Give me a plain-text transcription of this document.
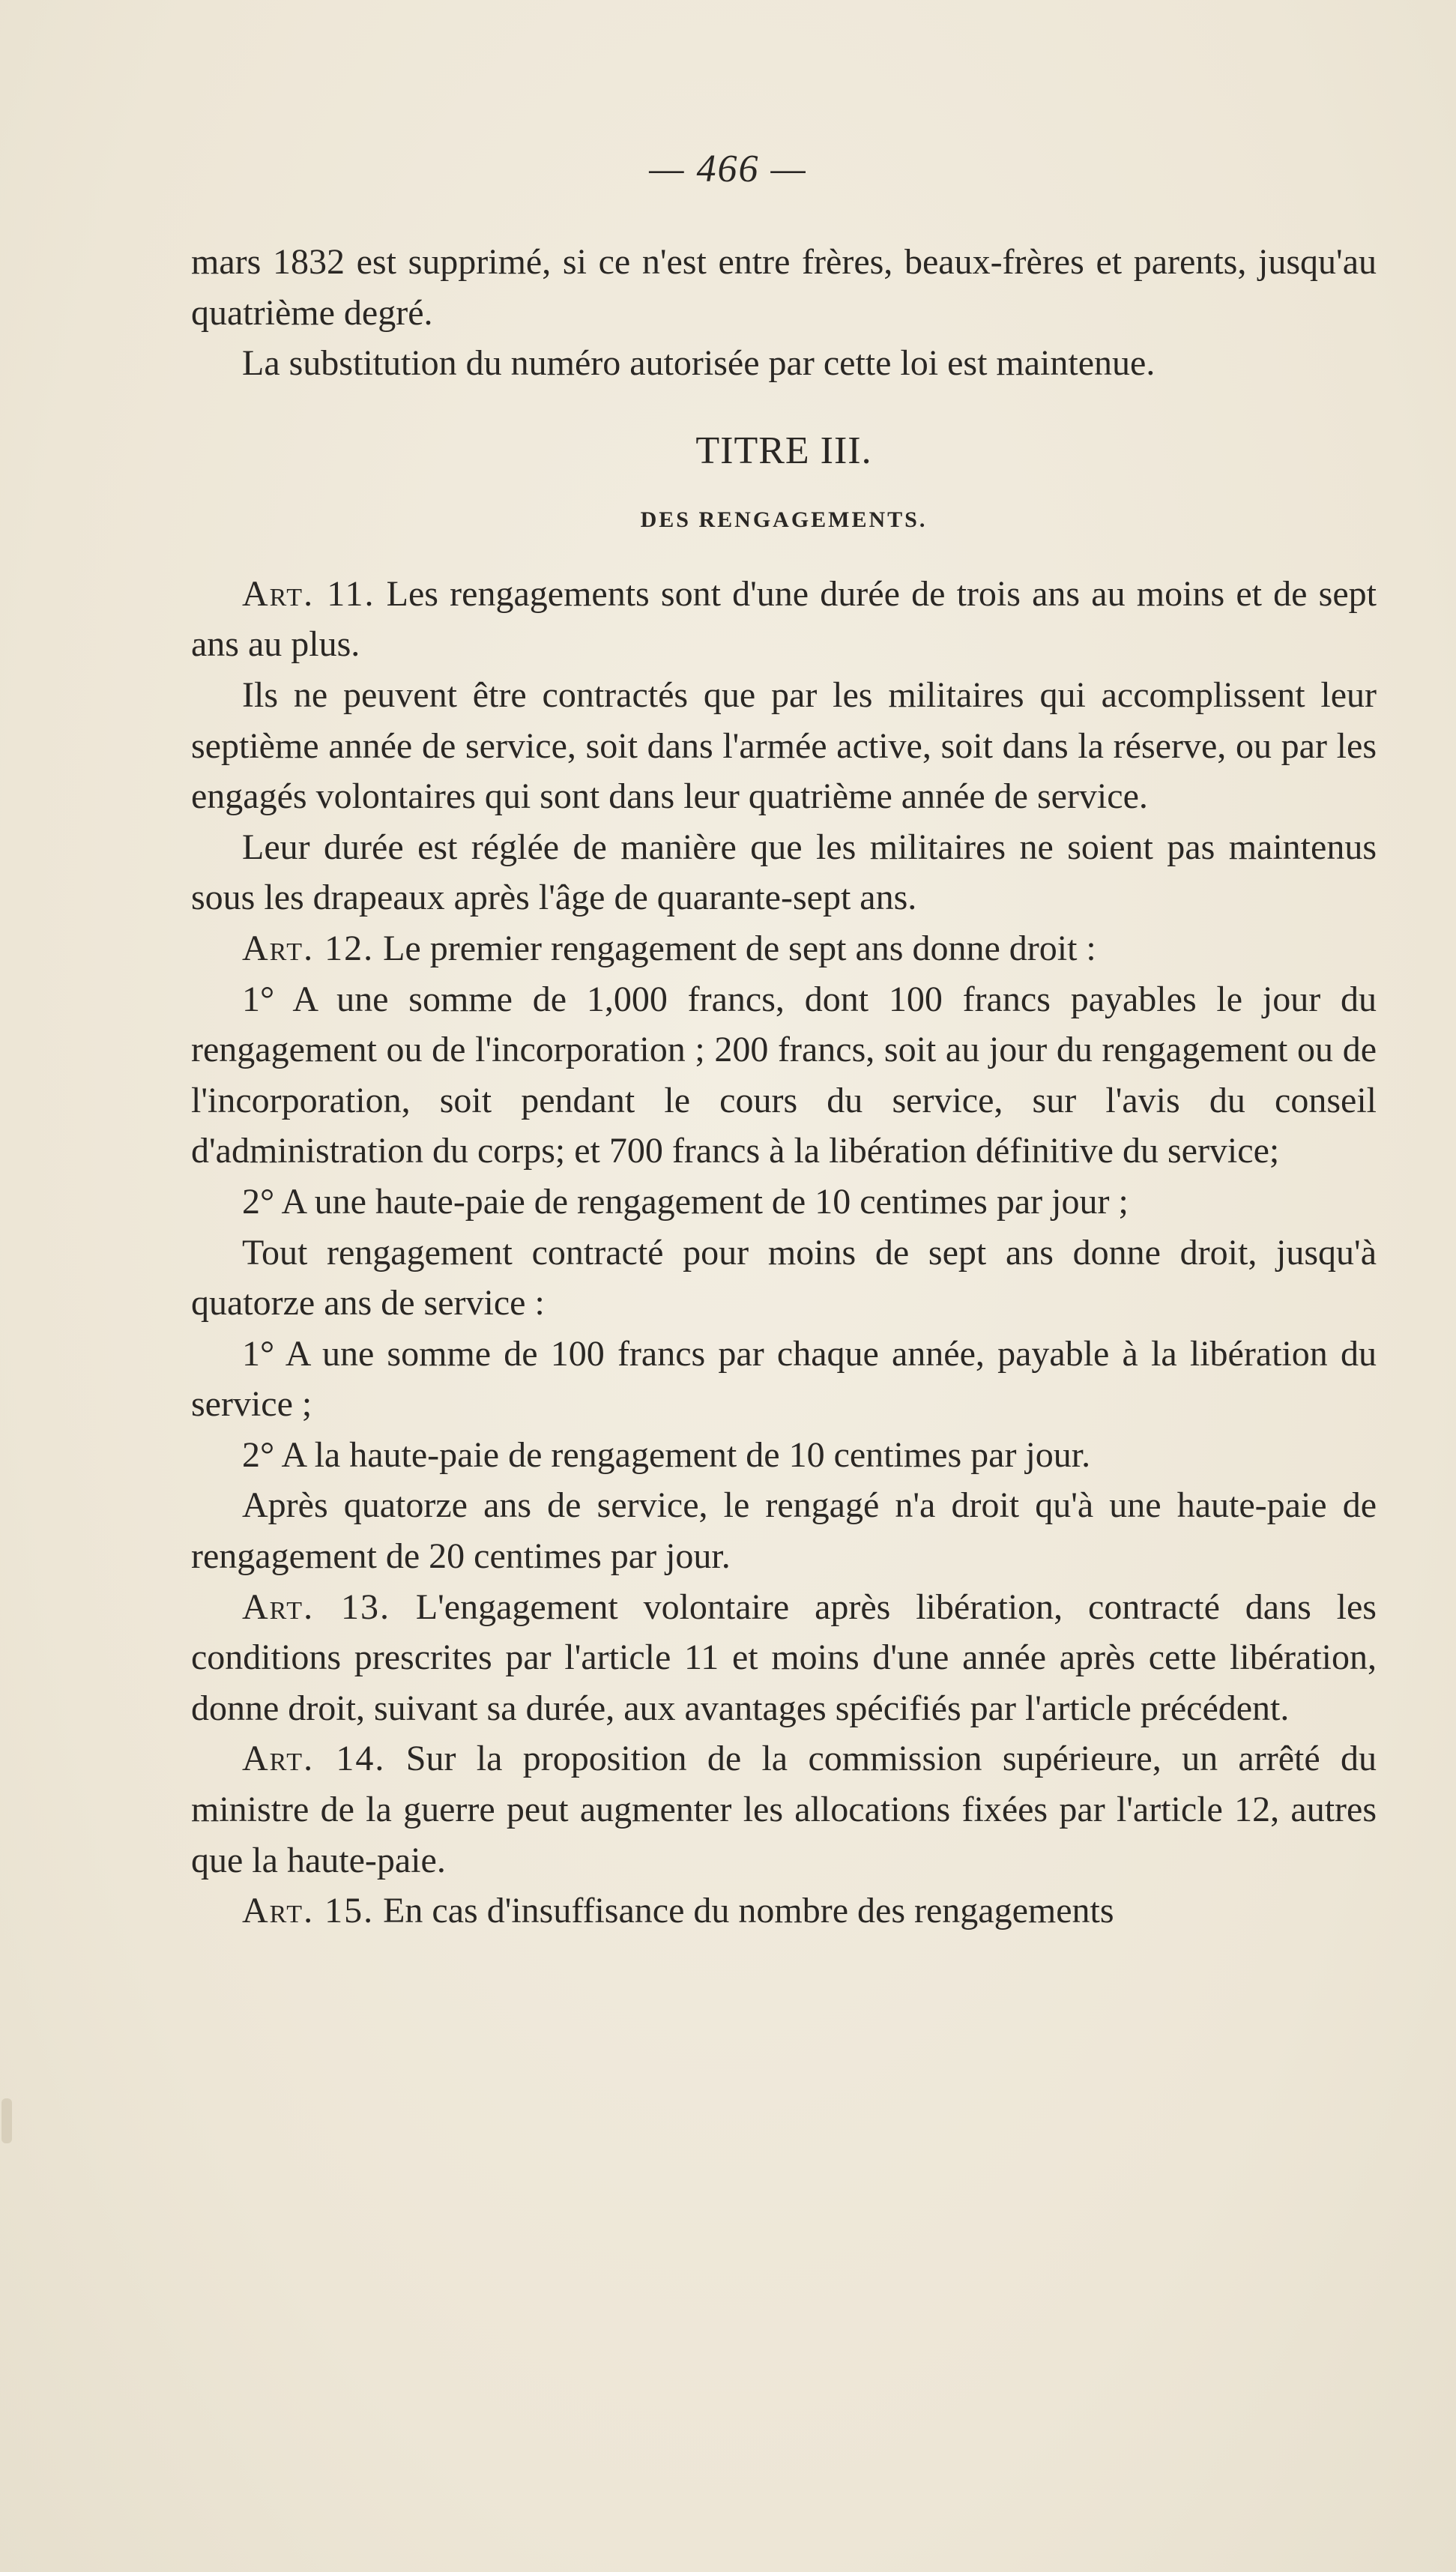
— 466 —

mars 1832 est supprimé, si ce n'est entre frères, beaux-frères et parents, jusqu'au quatrième degré.

La substitution du numéro autorisée par cette loi est maintenue.

TITRE III.
DES RENGAGEMENTS.

Art. 11. Les rengagements sont d'une durée de trois ans au moins et de sept ans au plus.

Ils ne peuvent être contractés que par les militaires qui accomplissent leur septième année de service, soit dans l'armée active, soit dans la réserve, ou par les engagés volontaires qui sont dans leur quatrième année de service.

Leur durée est réglée de manière que les militaires ne soient pas maintenus sous les drapeaux après l'âge de quarante-sept ans.

Art. 12. Le premier rengagement de sept ans donne droit :

1° A une somme de 1,000 francs, dont 100 francs payables le jour du rengagement ou de l'incorporation ; 200 francs, soit au jour du rengagement ou de l'incorporation, soit pendant le cours du service, sur l'avis du conseil d'administration du corps; et 700 francs à la libération définitive du service;

2° A une haute-paie de rengagement de 10 centimes par jour ;

Tout rengagement contracté pour moins de sept ans donne droit, jusqu'à quatorze ans de service :

1° A une somme de 100 francs par chaque année, payable à la libération du service ;

2° A la haute-paie de rengagement de 10 centimes par jour.

Après quatorze ans de service, le rengagé n'a droit qu'à une haute-paie de rengagement de 20 centimes par jour.

Art. 13. L'engagement volontaire après libération, contracté dans les conditions prescrites par l'article 11 et moins d'une année après cette libération, donne droit, suivant sa durée, aux avantages spécifiés par l'article précédent.

Art. 14. Sur la proposition de la commission supérieure, un arrêté du ministre de la guerre peut augmenter les allocations fixées par l'article 12, autres que la haute-paie.

Art. 15. En cas d'insuffisance du nombre des rengagements
